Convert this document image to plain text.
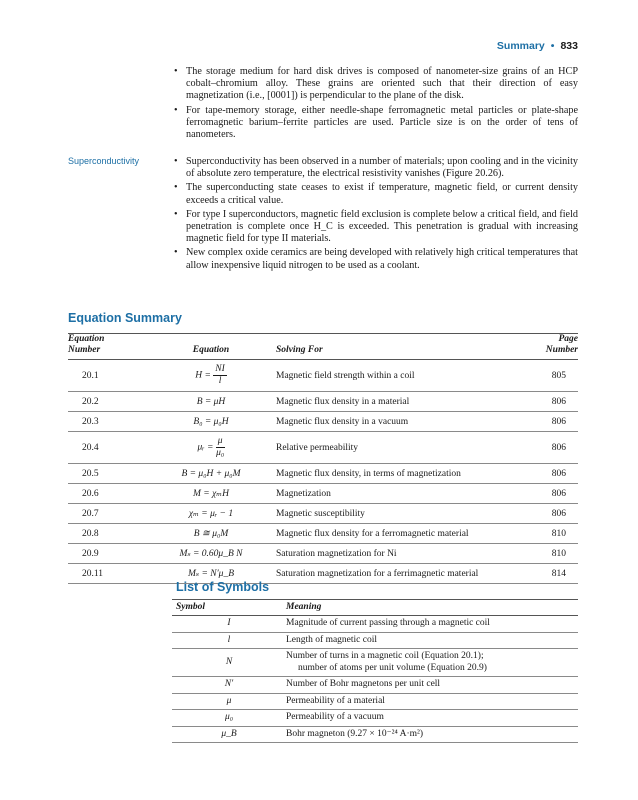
Summary • 833
• The storage medium for hard disk drives is composed of nanometer-size grains of an HCP cobalt–chromium alloy. These grains are oriented such that their direction of easy magnetization (i.e., [0001]) is perpendicular to the plane of the disk.
• For tape-memory storage, either needle-shape ferromagnetic metal particles or plate-shape ferromagnetic barium–ferrite particles are used. Particle size is on the order of tens of nanometers.
Superconductivity	• Superconductivity has been observed in a number of materials; upon cooling and in the vicinity of absolute zero temperature, the electrical resistivity vanishes (Figure 20.26).
• The superconducting state ceases to exist if temperature, magnetic field, or current density exceeds a critical value.
• For type I superconductors, magnetic field exclusion is complete below a critical field, and field penetration is complete once H_C is exceeded. This penetration is gradual with increasing magnetic field for type II materials.
• New complex oxide ceramics are being developed with relatively high critical temperatures that allow inexpensive liquid nitrogen to be used as a coolant.
Equation Summary
Equation
Number	Equation	Solving For	Page
Number
20.1	$H = \frac{NI}{l}$	Magnetic field strength within a coil	805
20.2	B = μH	Magnetic flux density in a material	806
20.3	B₀ = μ₀H	Magnetic flux density in a vacuum	806
20.4	μᵣ = $\frac{\mu}{\text{μ₀}}$	Relative permeability	806
20.5	B = μ₀H + μ₀M	Magnetic flux density, in terms of magnetization	806
20.6	M = χₘH	Magnetization	806
20.7	χₘ = μᵣ − 1	Magnetic susceptibility	806
20.8	B ≅ μ₀M	Magnetic flux density for a ferromagnetic material	810
20.9	Mₛ = 0.60μ_B N	Saturation magnetization for Ni	810
20.11	Mₛ = N′μ_B	Saturation magnetization for a ferrimagnetic material	814
List of Symbols
Symbol	Meaning
I	Magnitude of current passing through a magnetic coil
l	Length of magnetic coil
N	Number of turns in a magnetic coil (Equation 20.1);
number of atoms per unit volume (Equation 20.9)

N′	Number of Bohr magnetons per unit cell
μ	Permeability of a material
μ₀	Permeability of a vacuum
μ_B	Bohr magneton (9.27 × 10⁻²⁴ A·m²)
